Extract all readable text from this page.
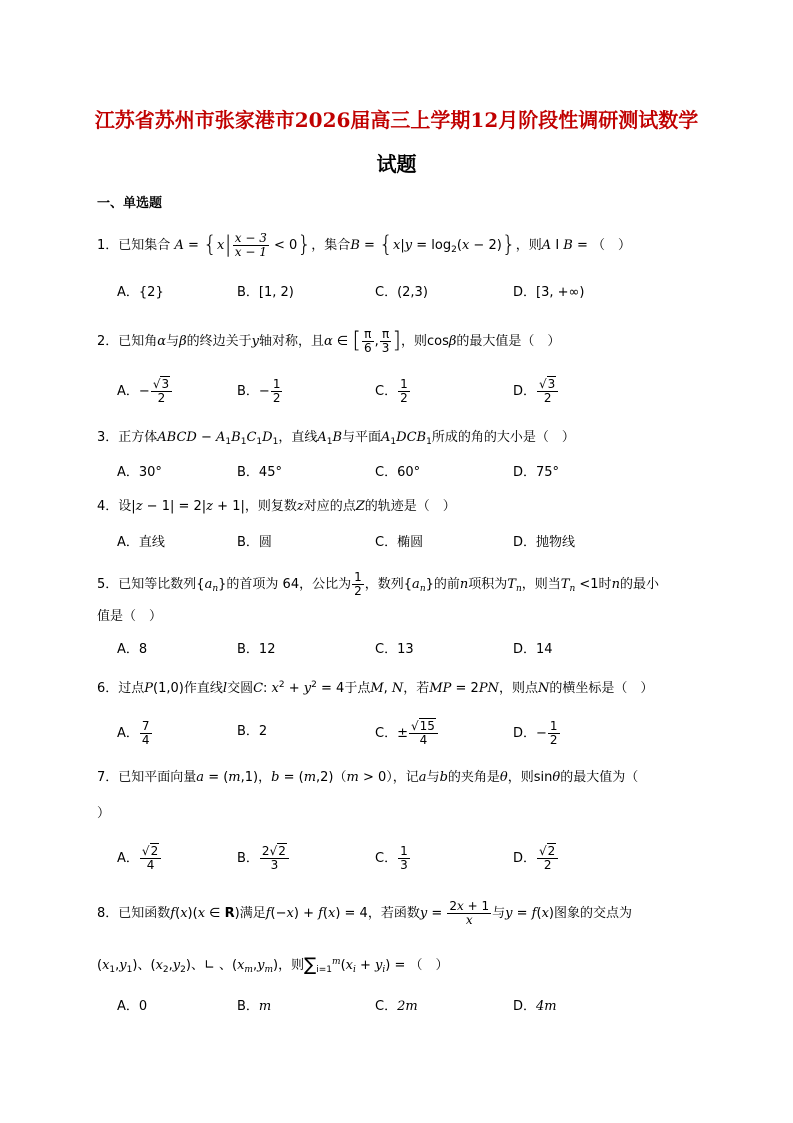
江苏省苏州市张家港市2026届高三上学期12月阶段性调研测试数学
试题
一、单选题
1．已知集合 $A = \{x| \frac{x - 3}{x - 1} < 0\}$，集合$B = \{x|y = \log_2(x - 2)\}$，则A I B = （　）
A．{2}	B．[1, 2)	C．(2,3)	D．[3, +∞)
2．已知角α与β的终边关于y轴对称，且α ∈ [ $\frac{\pi}{6}$ , $\frac{\pi}{3}$ ]，则cosβ的最大值是（　）
A．− $\frac{√3}{2}$	B．− $\frac{1}{2}$	C． $\frac{1}{2}$	D． $\frac{√3}{2}$
3．正方体ABCD − $A_1B_1C_1D_1$，直线$A_1B$与平面$A_1DCB_1$所成的角的大小是（　）
A．30°	B．45°	C．60°	D．75°
4．设|z − 1| = 2|z + 1|，则复数z对应的点Z的轨迹是（　）
A．直线	B．圆	C．椭圆	D．抛物线
5．已知等比数列$\{a_n\}$的首项为 64，公比为 $\frac{1}{2}$ ，数列$\{a_n\}$的前n项积为$T_n$，则当$T_n <1$时n的最小
值是（　）
A．8	B．12	C．13	D．14
6．过点P(1,0)作直线l交圆C: $x^2 + y^2 = 4$于点M, N，若MP = 2PN，则点N的横坐标是（　）
A． $\frac{7}{4}$	B．2	C．± $\frac{√15}{4}$	D．− $\frac{1}{2}$
7．已知平面向量a = (m,1)，b = (m,2)（m > 0），记a与b的夹角是θ，则sinθ的最大值为（
）
A． $\frac{√2}{4}$	B． $\frac{2√2}{3}$	C． $\frac{1}{3}$	D． $\frac{√2}{2}$
8．已知函数f(x)(x ∈ R)满足f(−x) + f(x) = 4，若函数$y = \frac{2x + 1}{x}$ 与y = f(x)图象的交点为
$(x_1,y_1)$、$(x_2,y_2)$、∟ 、$(x_m,y_m)$，则$\sum_{i=1}^m(x_i + y_i)$ = （　）
A．0	B．m	C．2m	D．4m
